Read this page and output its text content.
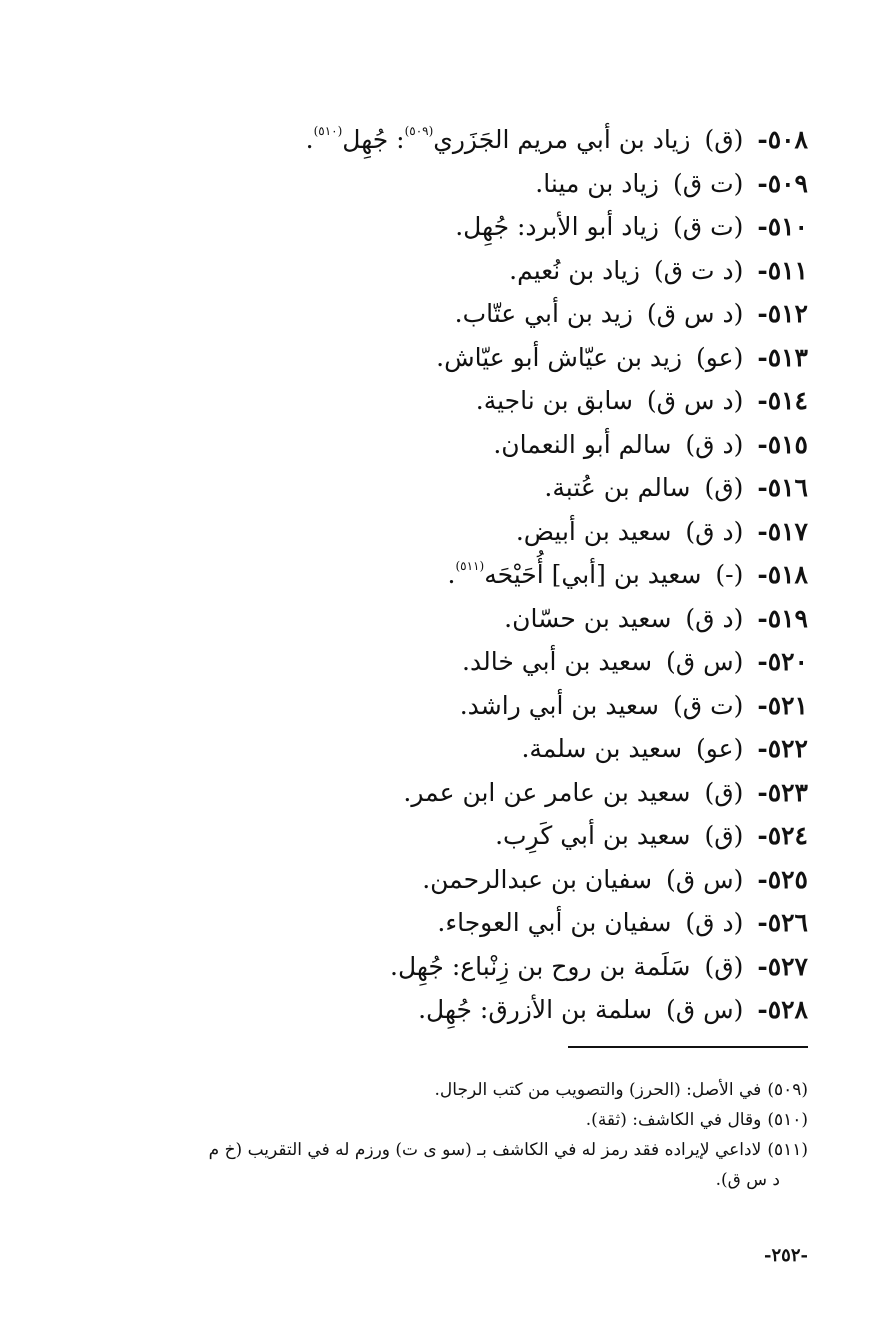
٥٠٨- (ق) زياد بن أبي مريم الجَزَري$^{(٥٠٩)}$: جُهِل$^{(٥١٠)}$.
٥٠٩- (ت ق) زياد بن مينا.
٥١٠- (ت ق) زياد أبو الأبرد: جُهِل.
٥١١- (د ت ق) زياد بن نُعيم.
٥١٢- (د س ق) زيد بن أبي عتّاب.
٥١٣- (عو) زيد بن عيّاش أبو عيّاش.
٥١٤- (د س ق) سابق بن ناجية.
٥١٥- (د ق) سالم أبو النعمان.
٥١٦- (ق) سالم بن عُتبة.
٥١٧- (د ق) سعيد بن أبيض.
٥١٨- (-) سعيد بن [أبي] أُحَيْحَه$^{(٥١١)}$.
٥١٩- (د ق) سعيد بن حسّان.
٥٢٠- (س ق) سعيد بن أبي خالد.
٥٢١- (ت ق) سعيد بن أبي راشد.
٥٢٢- (عو) سعيد بن سلمة.
٥٢٣- (ق) سعيد بن عامر عن ابن عمر.
٥٢٤- (ق) سعيد بن أبي كَرِب.
٥٢٥- (س ق) سفيان بن عبدالرحمن.
٥٢٦- (د ق) سفيان بن أبي العوجاء.
٥٢٧- (ق) سَلَمة بن روح بن زِنْباع: جُهِل.
٥٢٨- (س ق) سلمة بن الأزرق: جُهِل.
(٥٠٩)في الأصل: (الحرز) والتصويب من كتب الرجال.
(٥١٠)وقال في الكاشف: (ثقة).
(٥١١)لاداعي لإيراده فقد رمز له في الكاشف بـ (سو ى ت) ورزم له في التقريب (خ م
د س ق).
-٢٥٢-
